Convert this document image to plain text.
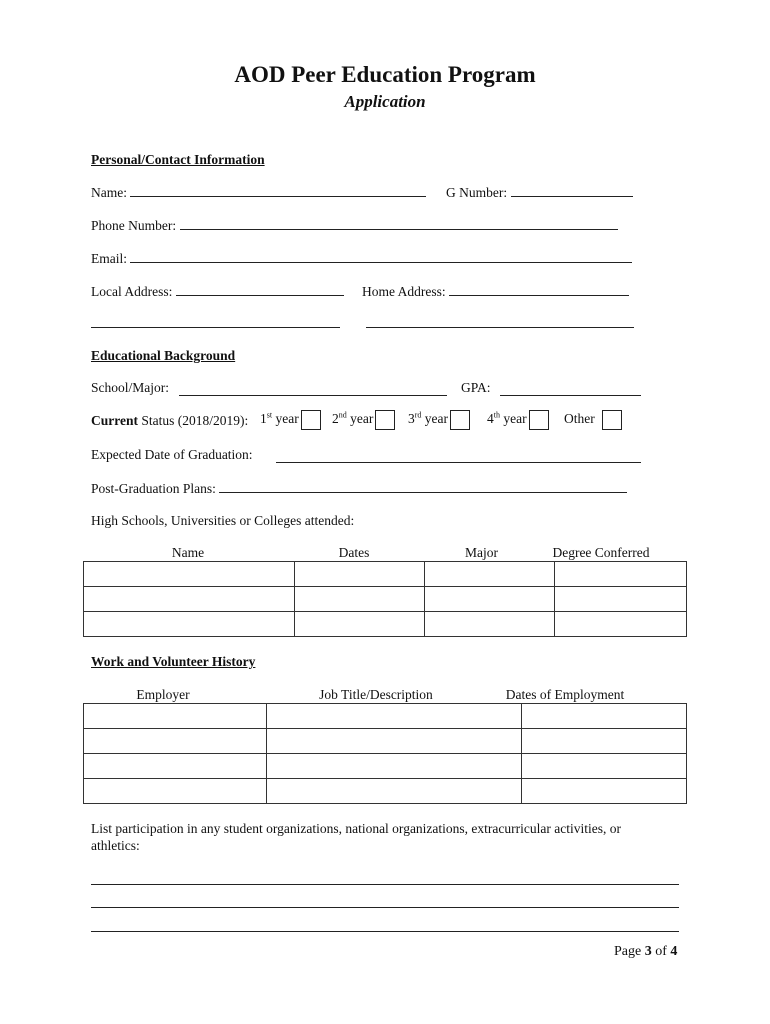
AOD Peer Education Program
Application
Personal/Contact Information
Name:	G Number:
Phone Number:
Email:
Local Address:	Home Address:
Educational Background
School/Major:	GPA:
Current Status (2018/2019): 1st year	2nd year	3rd year	4th year	Other
Expected Date of Graduation:
Post-Graduation Plans:
High Schools, Universities or Colleges attended:
Name	Dates	Major	Degree Conferred

Work and Volunteer History
Employer	Job Title/Description	Dates of Employment

List participation in any student organizations, national organizations, extracurricular activities, or
athletics:
Page 3 of 4
